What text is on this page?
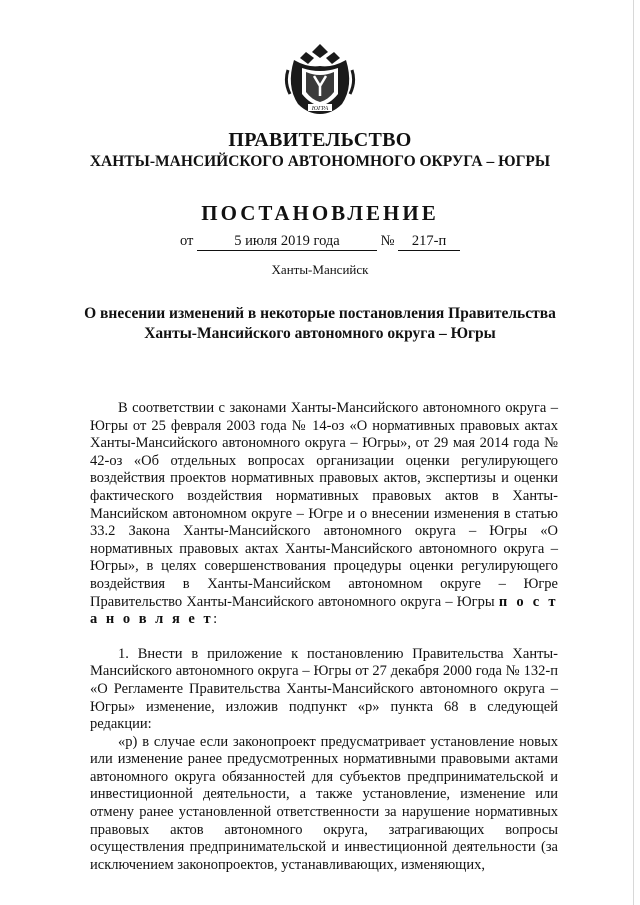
ЮГРА
ПРАВИТЕЛЬСТВО
ХАНТЫ-МАНСИЙСКОГО АВТОНОМНОГО ОКРУГА – ЮГРЫ
ПОСТАНОВЛЕНИЕ
от	5 июля 2019 года	№ 217-п
Ханты-Мансийск
О внесении изменений в некоторые постановления Правительства
Ханты-Мансийского автономного округа – Югры

В соответствии с законами Ханты-Мансийского автономного округа – Югры от 25 февраля 2003 года № 14-оз «О нормативных правовых актах Ханты-Мансийского автономного округа – Югры», от 29 мая 2014 года № 42-оз «Об отдельных вопросах организации оценки регулирующего воздействия проектов нормативных правовых актов, экспертизы и оценки фактического воздействия нормативных правовых актов в Ханты-Мансийском автономном округе – Югре и о внесении изменения в статью 33.2 Закона Ханты-Мансийского автономного округа – Югры «О нормативных правовых актах Ханты-Мансийского автономного округа – Югры», в целях совершенствования процедуры оценки регулирующего воздействия в Ханты-Мансийском автономном округе – Югре Правительство Ханты-Мансийского автономного округа – Югры п о с т а н о в л я е т:

1. Внести в приложение к постановлению Правительства Ханты-Мансийского автономного округа – Югры от 27 декабря 2000 года № 132-п «О Регламенте Правительства Ханты-Мансийского автономного округа – Югры» изменение, изложив подпункт «р» пункта 68 в следующей редакции:

«р) в случае если законопроект предусматривает установление новых или изменение ранее предусмотренных нормативными правовыми актами автономного округа обязанностей для субъектов предпринимательской и инвестиционной деятельности, а также установление, изменение или отмену ранее установленной ответственности за нарушение нормативных правовых актов автономного округа, затрагивающих вопросы осуществления предпринимательской и инвестиционной деятельности (за исключением законопроектов, устанавливающих, изменяющих,
